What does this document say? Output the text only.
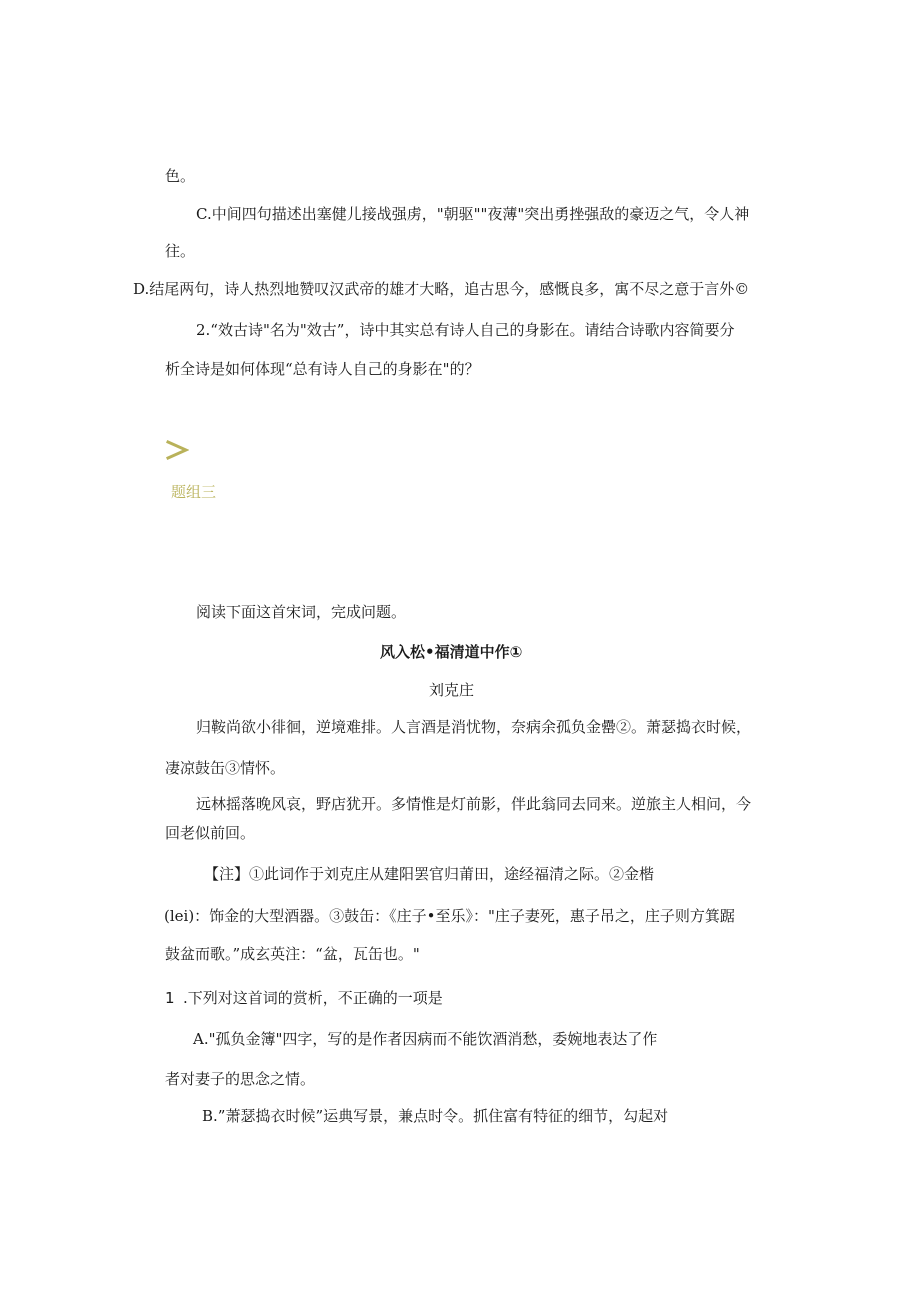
色。
C.中间四句描述出塞健儿接战强虏，"朝驱""夜薄"突出勇挫强敌的豪迈之气，令人神
往。
D.结尾两句，诗人热烈地赞叹汉武帝的雄才大略，追古思今，感慨良多，寓不尽之意于言外©
2.“效古诗"名为"效古”，诗中其实总有诗人自己的身影在。请结合诗歌内容简要分
析全诗是如何体现“总有诗人自己的身影在"的？
题组三
阅读下面这首宋词，完成问题。
风入松•福清道中作①
刘克庄
归鞍尚欲小徘徊，逆境难排。人言酒是消忧物，奈病余孤负金罍②。萧瑟捣衣时候，
凄凉鼓缶③情怀。
远林摇落晚风哀，野店犹开。多情惟是灯前影，伴此翁同去同来。逆旅主人相问，今
回老似前回。
【注】①此词作于刘克庄从建阳罢官归莆田，途经福清之际。②金楷
(lei)：饰金的大型酒器。③鼓缶：《庄子•至乐》："庄子妻死，惠子吊之，庄子则方箕踞
鼓盆而歌。”成玄英注：“盆，瓦缶也。"
1 .下列对这首词的赏析，不正确的一项是
A."孤负金簿"四字，写的是作者因病而不能饮酒消愁，委婉地表达了作
者对妻子的思念之情。
B.”萧瑟捣衣时候”运典写景，兼点时令。抓住富有特征的细节，勾起对
